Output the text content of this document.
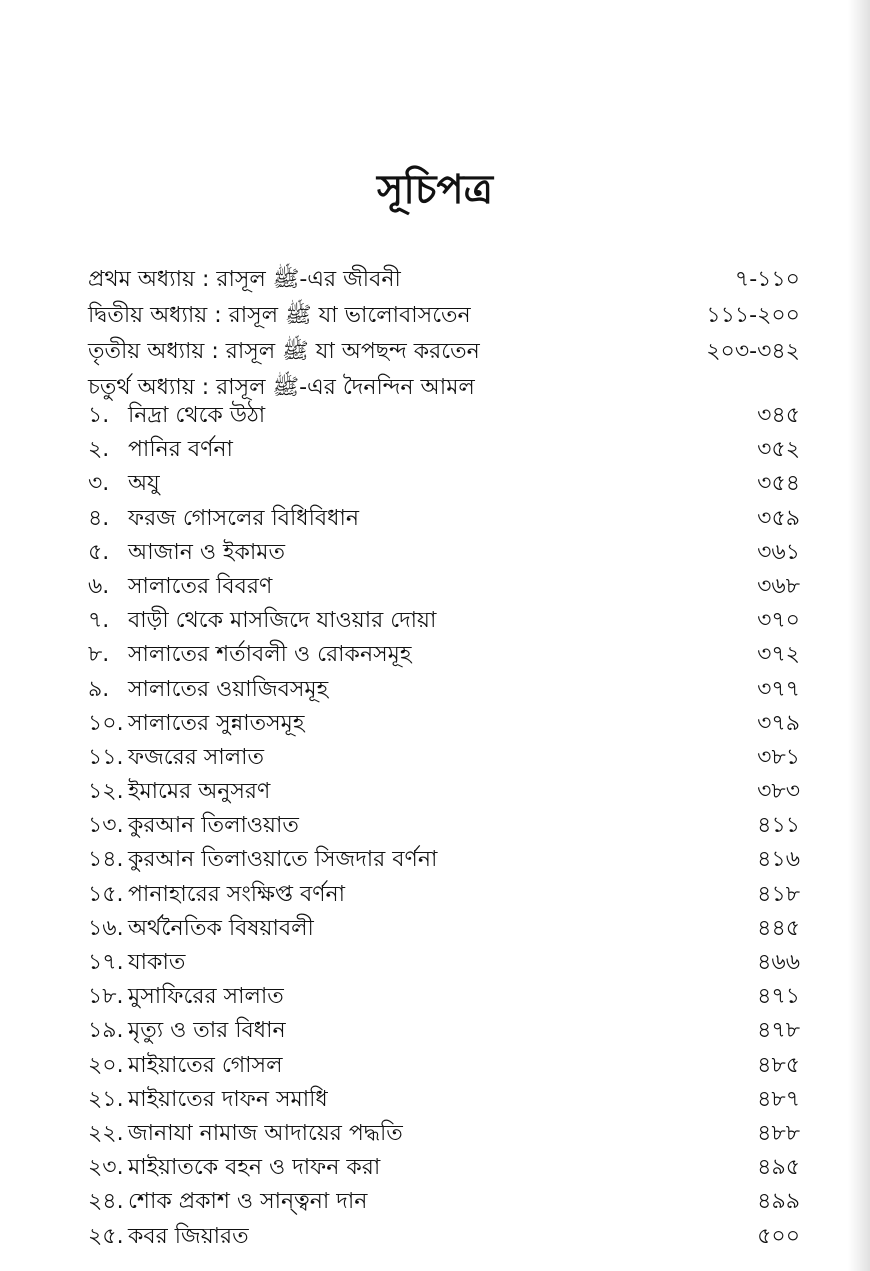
সূচিপত্র
প্রথম অধ্যায় : রাসূল ﷺ-এর জীবনী	৭-১১০
দ্বিতীয় অধ্যায় : রাসূল ﷺ যা ভালোবাসতেন	১১১-২০০
তৃতীয় অধ্যায় : রাসূল ﷺ যা অপছন্দ করতেন	২০৩-৩৪২
চতুর্থ অধ্যায় : রাসূল ﷺ-এর দৈনন্দিন আমল
১. নিদ্রা থেকে উঠা	৩৪৫
২. পানির বর্ণনা	৩৫২
৩. অযু	৩৫৪
৪. ফরজ গোসলের বিধিবিধান	৩৫৯
৫. আজান ও ইকামত	৩৬১
৬. সালাতের বিবরণ	৩৬৮
৭. বাড়ী থেকে মাসজিদে যাওয়ার দোয়া	৩৭০
৮. সালাতের শর্তাবলী ও রোকনসমূহ	৩৭২
৯. সালাতের ওয়াজিবসমূহ	৩৭৭
১০. সালাতের সুন্নাতসমূহ	৩৭৯
১১. ফজরের সালাত	৩৮১
১২. ইমামের অনুসরণ	৩৮৩
১৩. কুরআন তিলাওয়াত	৪১১
১৪. কুরআন তিলাওয়াতে সিজদার বর্ণনা	৪১৬
১৫. পানাহারের সংক্ষিপ্ত বর্ণনা	৪১৮
১৬. অর্থনৈতিক বিষয়াবলী	৪৪৫
১৭. যাকাত	৪৬৬
১৮. মুসাফিরের সালাত	৪৭১
১৯. মৃত্যু ও তার বিধান	৪৭৮
২০. মাইয়াতের গোসল	৪৮৫
২১. মাইয়াতের দাফন সমাধি	৪৮৭
২২. জানাযা নামাজ আদায়ের পদ্ধতি	৪৮৮
২৩. মাইয়াতকে বহন ও দাফন করা	৪৯৫
২৪. শোক প্রকাশ ও সান্ত্বনা দান	৪৯৯
২৫. কবর জিয়ারত	৫০০
